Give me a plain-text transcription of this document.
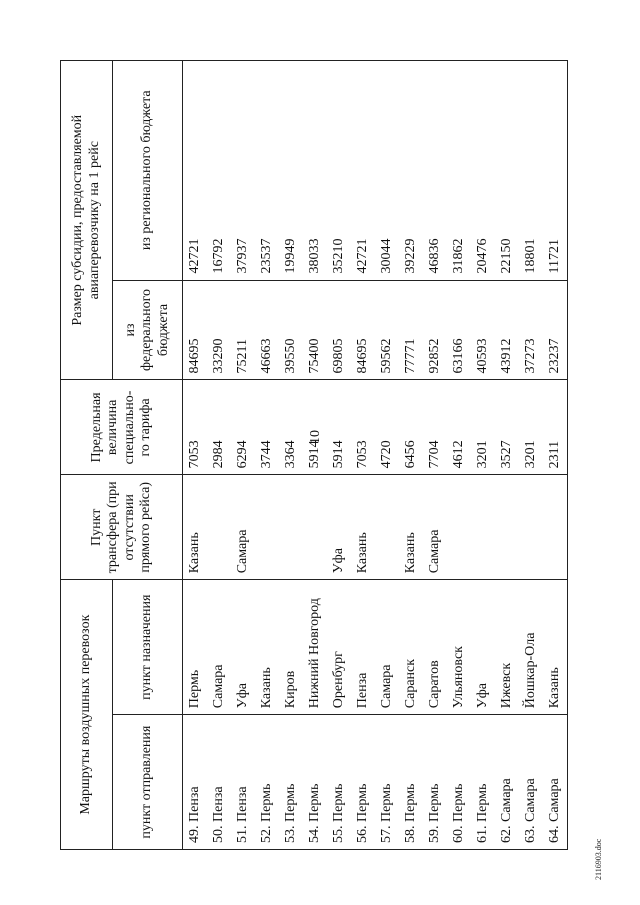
10
2116903.doc
Маршруты воздушных перевозок		Пункт трансфера (при отсутствии прямого рейса)	Предельная величина специально-го тарифа	Размер субсидии, предоставляемой авиаперевозчику на 1 рейс	
пункт отправления	пункт назначения			из федерального бюджета	из регионального бюджета
49. Пенза	Пермь	Казань	7053	84695	42721
50. Пенза	Самара		2984	33290	16792
51. Пенза	Уфа	Самара	6294	75211	37937
52. Пермь	Казань		3744	46663	23537
53. Пермь	Киров		3364	39550	19949
54. Пермь	Нижний Новгород		5914	75400	38033
55. Пермь	Оренбург	Уфа	5914	69805	35210
56. Пермь	Пенза	Казань	7053	84695	42721
57. Пермь	Самара		4720	59562	30044
58. Пермь	Саранск	Казань	6456	77771	39229
59. Пермь	Саратов	Самара	7704	92852	46836
60. Пермь	Ульяновск		4612	63166	31862
61. Пермь	Уфа		3201	40593	20476
62. Самара	Ижевск		3527	43912	22150
63. Самара	Йошкар-Ола		3201	37273	18801
64. Самара	Казань		2311	23237	11721
